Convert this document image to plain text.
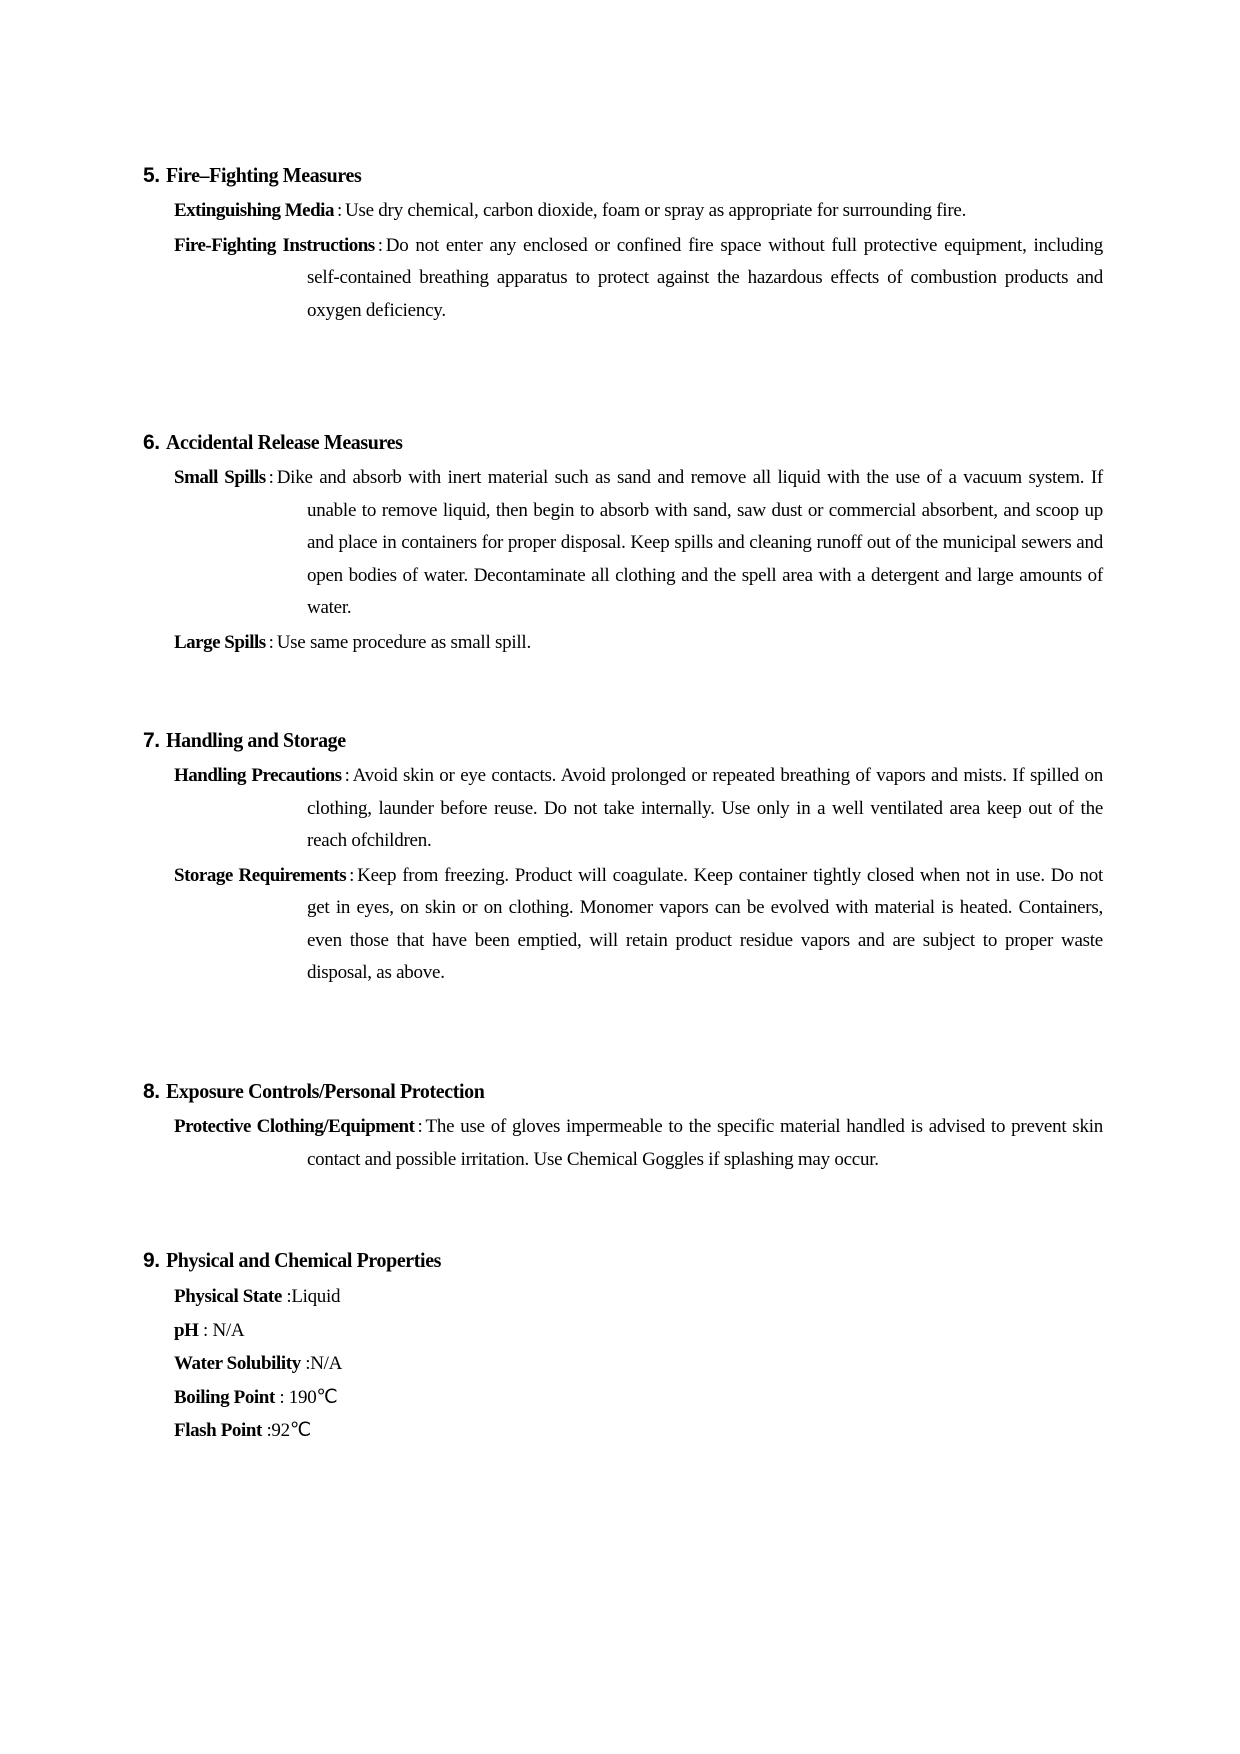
5. Fire–Fighting Measures
Extinguishing Media : Use dry chemical, carbon dioxide, foam or spray as appropriate for surrounding fire.
Fire-Fighting Instructions : Do not enter any enclosed or confined fire space without full protective equipment, including self-contained breathing apparatus to protect against the hazardous effects of combustion products and oxygen deficiency.
6. Accidental Release Measures
Small Spills : Dike and absorb with inert material such as sand and remove all liquid with the use of a vacuum system. If unable to remove liquid, then begin to absorb with sand, saw dust or commercial absorbent, and scoop up and place in containers for proper disposal. Keep spills and cleaning runoff out of the municipal sewers and open bodies of water. Decontaminate all clothing and the spell area with a detergent and large amounts of water.
Large Spills : Use same procedure as small spill.
7. Handling and Storage
Handling Precautions : Avoid skin or eye contacts. Avoid prolonged or repeated breathing of vapors and mists. If spilled on clothing, launder before reuse. Do not take internally. Use only in a well ventilated area keep out of the reach ofchildren.
Storage Requirements : Keep from freezing. Product will coagulate. Keep container tightly closed when not in use. Do not get in eyes, on skin or on clothing. Monomer vapors can be evolved with material is heated. Containers, even those that have been emptied, will retain product residue vapors and are subject to proper waste disposal, as above.
8. Exposure Controls/Personal Protection
Protective Clothing/Equipment : The use of gloves impermeable to the specific material handled is advised to prevent skin contact and possible irritation. Use Chemical Goggles if splashing may occur.
9. Physical and Chemical Properties
Physical State :Liquid
pH : N/A
Water Solubility :N/A
Boiling Point : 190℃
Flash Point :92℃
